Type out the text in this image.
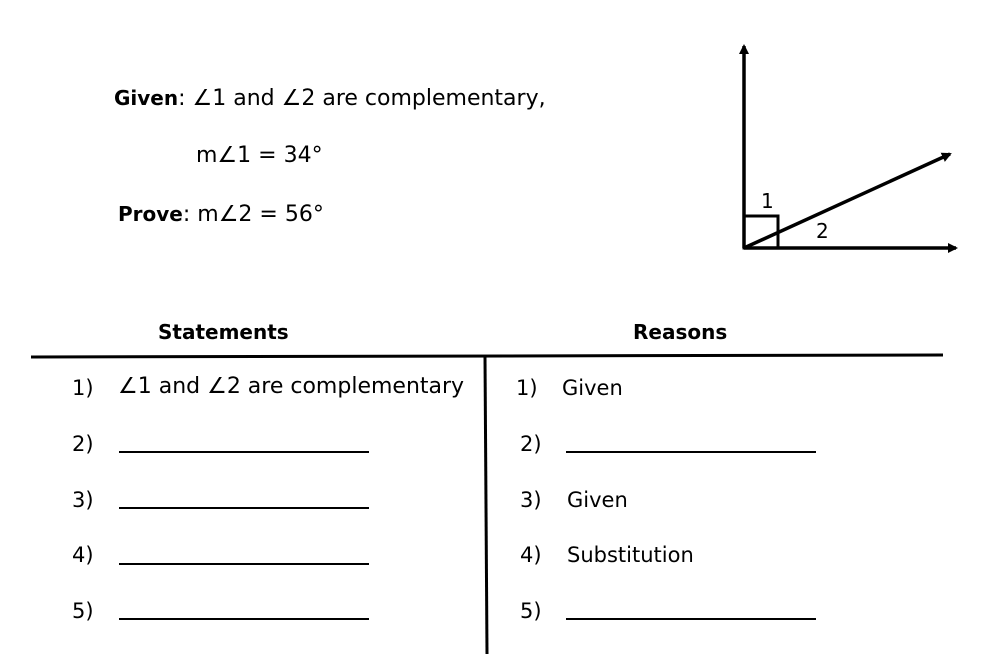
Given: ∠1 and ∠2 are complementary,
m∠1 = 34°
Prove: m∠2 = 56°
1
2
Statements	Reasons
1) ∠1 and ∠2 are complementary
2)
3)
4)
5)
1) Given
2)
3) Given
4) Substitution
5)
